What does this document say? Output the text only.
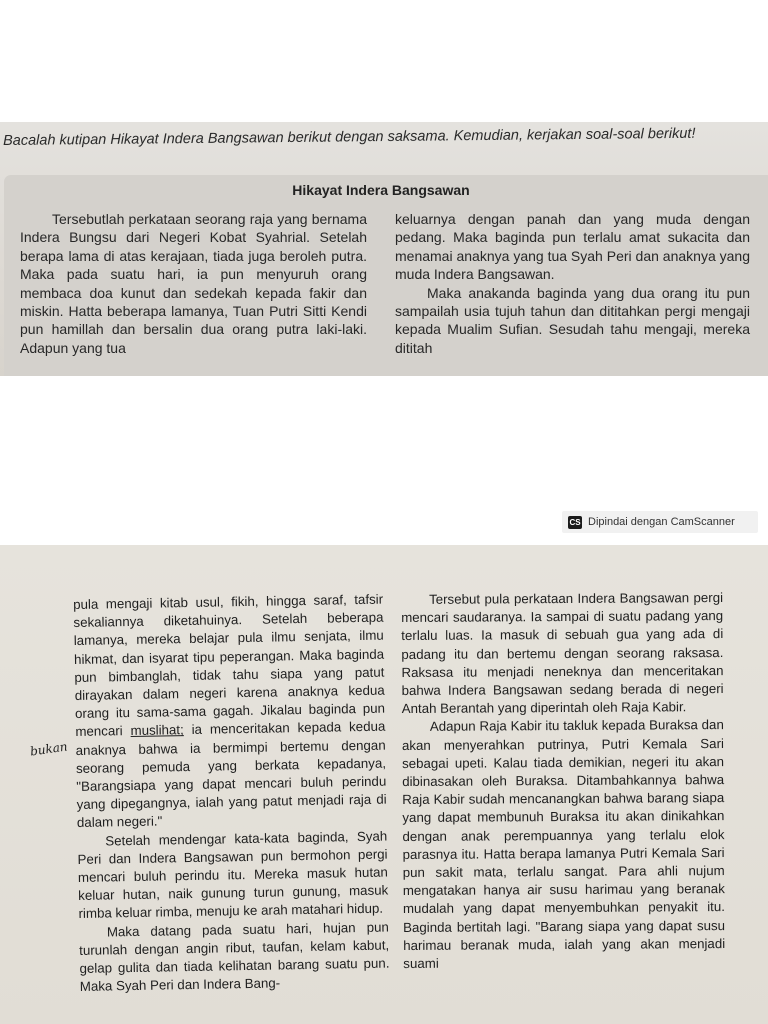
Bacalah kutipan Hikayat Indera Bangsawan berikut dengan saksama. Kemudian, kerjakan soal-soal berikut!

Hikayat Indera Bangsawan

Tersebutlah perkataan seorang raja yang bernama Indera Bungsu dari Negeri Kobat Syahrial. Setelah berapa lama di atas kerajaan, tiada juga beroleh putra. Maka pada suatu hari, ia pun menyuruh orang membaca doa kunut dan sedekah kepada fakir dan miskin. Hatta beberapa lamanya, Tuan Putri Sitti Kendi pun hamillah dan bersalin dua orang putra laki-laki. Adapun yang tua

keluarnya dengan panah dan yang muda dengan pedang. Maka baginda pun terlalu amat sukacita dan menamai anaknya yang tua Syah Peri dan anaknya yang muda Indera Bangsawan.

Maka anakanda baginda yang dua orang itu pun sampailah usia tujuh tahun dan dititahkan pergi mengaji kepada Mualim Sufian. Sesudah tahu mengaji, mereka dititah

CS Dipindai dengan CamScanner
bukan

pula mengaji kitab usul, fikih, hingga saraf, tafsir sekaliannya diketahuinya. Setelah beberapa lamanya, mereka belajar pula ilmu senjata, ilmu hikmat, dan isyarat tipu peperangan. Maka baginda pun bimbanglah, tidak tahu siapa yang patut dirayakan dalam negeri karena anaknya kedua orang itu sama-sama gagah. Jikalau baginda pun mencari muslihat; ia menceritakan kepada kedua anaknya bahwa ia bermimpi bertemu dengan seorang pemuda yang berkata kepadanya, "Barangsiapa yang dapat mencari buluh perindu yang dipegangnya, ialah yang patut menjadi raja di dalam negeri."

Setelah mendengar kata-kata baginda, Syah Peri dan Indera Bangsawan pun bermohon pergi mencari buluh perindu itu. Mereka masuk hutan keluar hutan, naik gunung turun gunung, masuk rimba keluar rimba, menuju ke arah matahari hidup.

Maka datang pada suatu hari, hujan pun turunlah dengan angin ribut, taufan, kelam kabut, gelap gulita dan tiada kelihatan barang suatu pun. Maka Syah Peri dan Indera Bang-

Tersebut pula perkataan Indera Bangsawan pergi mencari saudaranya. Ia sampai di suatu padang yang terlalu luas. Ia masuk di sebuah gua yang ada di padang itu dan bertemu dengan seorang raksasa. Raksasa itu menjadi neneknya dan menceritakan bahwa Indera Bangsawan sedang berada di negeri Antah Berantah yang diperintah oleh Raja Kabir.

Adapun Raja Kabir itu takluk kepada Buraksa dan akan menyerahkan putrinya, Putri Kemala Sari sebagai upeti. Kalau tiada demikian, negeri itu akan dibinasakan oleh Buraksa. Ditambahkannya bahwa Raja Kabir sudah mencanangkan bahwa barang siapa yang dapat membunuh Buraksa itu akan dinikahkan dengan anak perempuannya yang terlalu elok parasnya itu. Hatta berapa lamanya Putri Kemala Sari pun sakit mata, terlalu sangat. Para ahli nujum mengatakan hanya air susu harimau yang beranak mudalah yang dapat menyembuhkan penyakit itu. Baginda bertitah lagi. "Barang siapa yang dapat susu harimau beranak muda, ialah yang akan menjadi suami
